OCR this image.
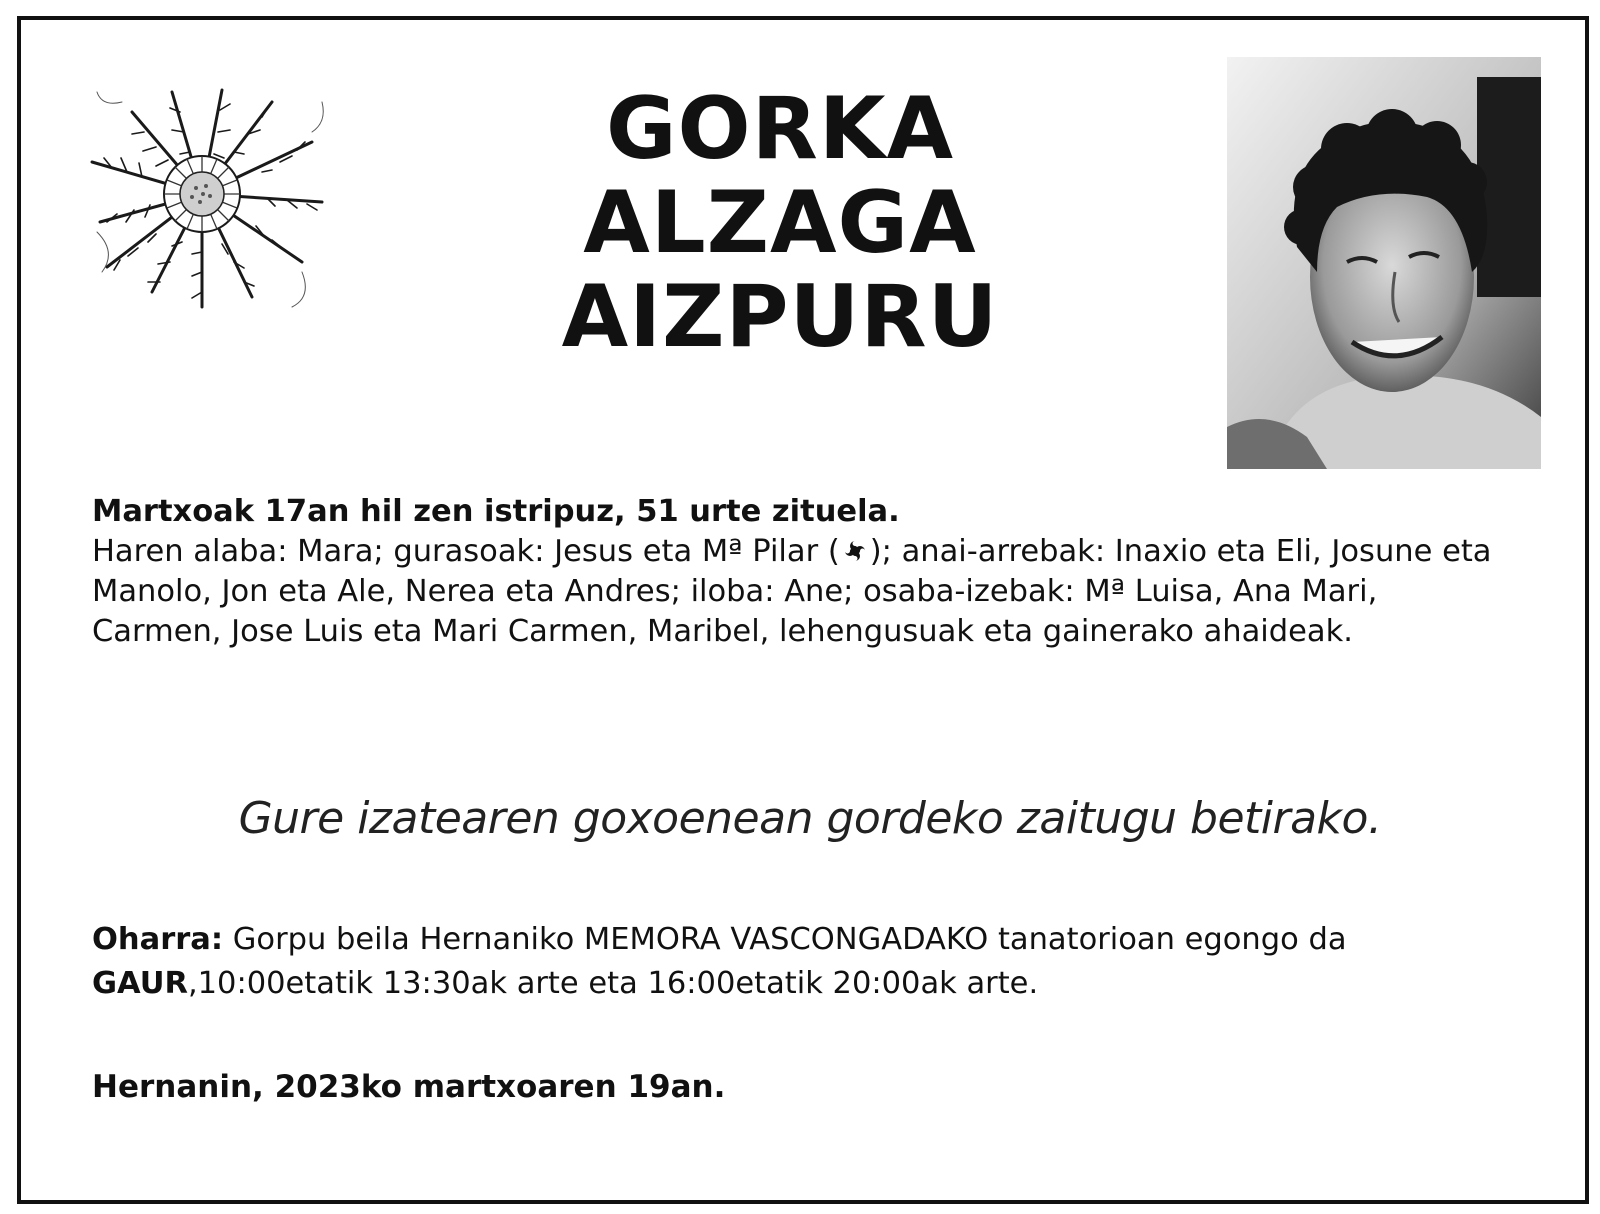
GORKA
ALZAGA
AIZPURU
Martxoak 17an hil zen istripuz, 51 urte zituela.
Haren alaba: Mara; gurasoak: Jesus eta Mª Pilar ( ); anai-arrebak: Inaxio eta Eli, Josune eta Manolo, Jon eta Ale, Nerea eta Andres; iloba: Ane; osaba-izebak: Mª Luisa, Ana Mari, Carmen, Jose Luis eta Mari Carmen, Maribel, lehengusuak eta gainerako ahaideak.
Gure izatearen goxoenean gordeko zaitugu betirako.
Oharra: Gorpu beila Hernaniko MEMORA VASCONGADAKO tanatorioan egongo da GAUR,10:00etatik 13:30ak arte eta 16:00etatik 20:00ak arte.
Hernanin, 2023ko martxoaren 19an.
